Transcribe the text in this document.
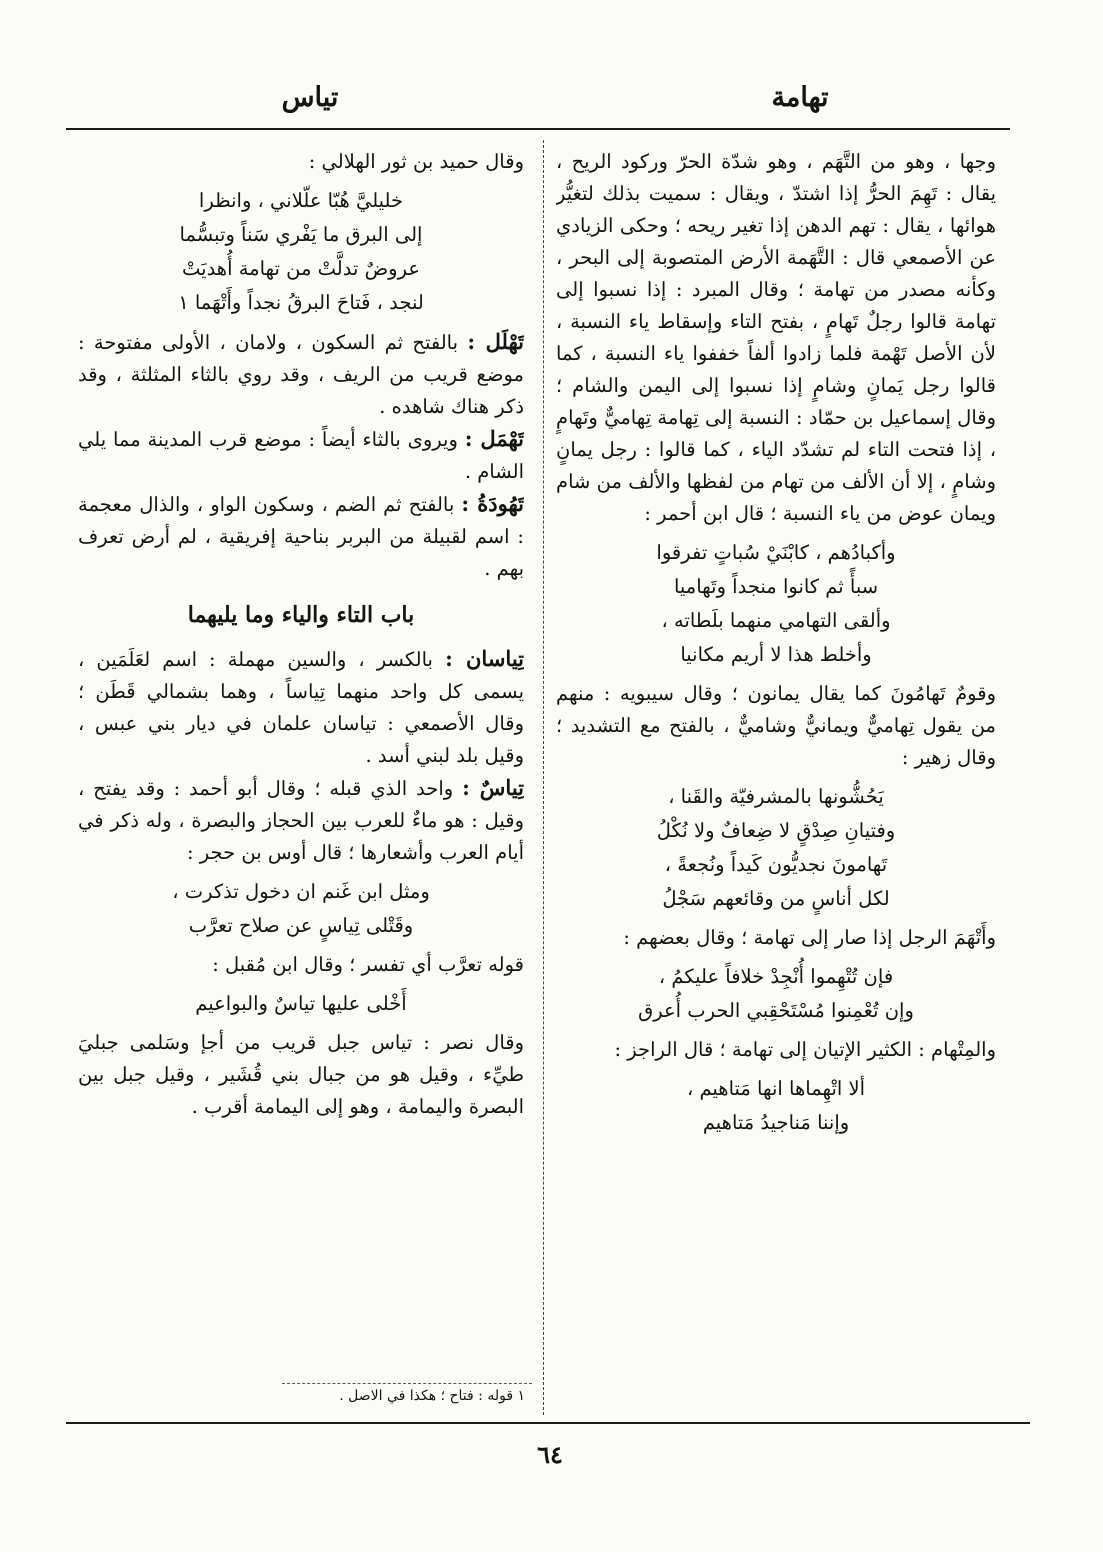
تهامة
تياس

وجها ، وهو من التَّهَم ، وهو شدّة الحرّ وركود الريح ، يقال : تَهِمَ الحرُّ إذا اشتدّ ، ويقال : سميت بذلك لتغيُّر هوائها ، يقال : تهم الدهن إذا تغير ريحه ؛ وحكى الزيادي عن الأصمعي قال : التَّهَمة الأرض المتصوبة إلى البحر ، وكأنه مصدر من تهامة ؛ وقال المبرد : إذا نسبوا إلى تهامة قالوا رجلٌ تَهامٍ ، بفتح التاء وإسقاط ياء النسبة ، لأن الأصل تَهْمة فلما زادوا ألفاً خففوا ياء النسبة ، كما قالوا رجل يَمانٍ وشامٍ إذا نسبوا إلى اليمن والشام ؛ وقال إسماعيل بن حمّاد : النسبة إلى تِهامة تِهاميٌّ وتَهامٍ ، إذا فتحت التاء لم تشدّد الياء ، كما قالوا : رجل يمانٍ وشامٍ ، إلا أن الألف من تهام من لفظها والألف من شام ويمان عوض من ياء النسبة ؛ قال ابن أحمر :

وأكبادُهم ، كابْنَيْ سُباتٍ تفرقوا
سبأً ثم كانوا منجداً وتَهاميا
وألقى التهامي منهما بلَطاته ،
وأخلط هذا لا أريم مكانيا

وقومٌ تَهامُونَ كما يقال يمانون ؛ وقال سيبويه : منهم من يقول تِهاميٌّ ويمانيٌّ وشاميٌّ ، بالفتح مع التشديد ؛ وقال زهير :

يَحُشُّونها بالمشرفيّة والقَنا ،
وفتيانِ صِدْقٍ لا ضِعافٌ ولا نُكْلُ
تَهامونَ نجديُّون كَيداً ونُجعةً ،
لكل أناسٍ من وقائعهم سَجْلُ

وأَتْهَمَ الرجل إذا صار إلى تهامة ؛ وقال بعضهم :

فإن تُتْهِموا أُنْجِدْ خلافاً عليكمُ ،
وإن تُعْمِنوا مُسْتَحْقِبي الحرب أُعرق

والمِتْهام : الكثير الإتيان إلى تهامة ؛ قال الراجز :

ألا اتْهِماها انها مَتاهيم ،
وإننا مَناجيدُ مَتاهيم

وقال حميد بن ثور الهلالي :

خليليَّ هُبّا علّلاني ، وانظرا
إلى البرق ما يَفْري سَناً وتبسُّما
عروضٌ تدلَّتْ من تهامة أُهديَتْ
لنجد ، فَتاحَ البرقُ نجداً وأَتْهَما ١

تَهْلَل : بالفتح ثم السكون ، ولامان ، الأولى مفتوحة : موضع قريب من الريف ، وقد روي بالثاء المثلثة ، وقد ذكر هناك شاهده .

تَهْمَل : ويروى بالثاء أيضاً : موضع قرب المدينة مما يلي الشام .

تَهُودَةُ : بالفتح ثم الضم ، وسكون الواو ، والذال معجمة : اسم لقبيلة من البربر بناحية إفريقية ، لم أرض تعرف بهم .

باب التاء والياء وما يليهما

تِياسان : بالكسر ، والسين مهملة : اسم لعَلَمَين ، يسمى كل واحد منهما تِياساً ، وهما بشمالي قَطَن ؛ وقال الأصمعي : تياسان علمان في ديار بني عبس ، وقيل بلد لبني أسد .

تِياسٌ : واحد الذي قبله ؛ وقال أبو أحمد : وقد يفتح ، وقيل : هو ماءٌ للعرب بين الحجاز والبصرة ، وله ذكر في أيام العرب وأشعارها ؛ قال أوس بن حجر :

ومثل ابن غَنم ان دخول تذكرت ،
وقَتْلى تِياسٍ عن صلاح تعرَّب

قوله تعرَّب أي تفسر ؛ وقال ابن مُقبل :

أَخْلى عليها تياسٌ والبواعيم

وقال نصر : تياس جبل قريب من أجإ وسَلمى جبليَ طيِّء ، وقيل هو من جبال بني قُشَير ، وقيل جبل بين البصرة واليمامة ، وهو إلى اليمامة أقرب .

١ قوله : فتاح ؛ هكذا في الاصل .
٦٤
